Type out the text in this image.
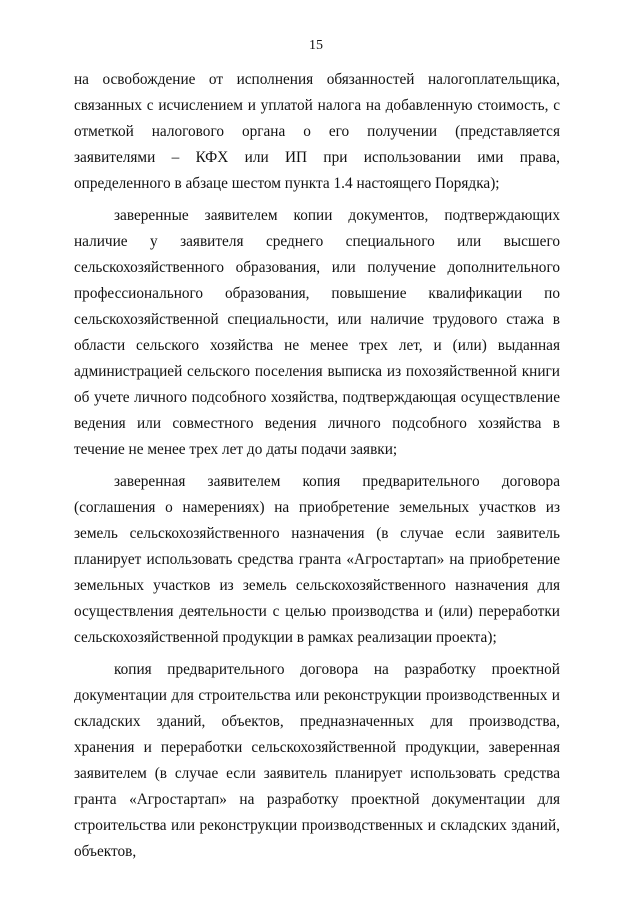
15

на освобождение от исполнения обязанностей налогоплательщика, связанных с исчислением и уплатой налога на добавленную стоимость, с отметкой налогового органа о его получении (представляется заявителями – КФХ или ИП при использовании ими права, определенного в абзаце шестом пункта 1.4 настоящего Порядка);

заверенные заявителем копии документов, подтверждающих наличие у заявителя среднего специального или высшего сельскохозяйственного образования, или получение дополнительного профессионального образования, повышение квалификации по сельскохозяйственной специальности, или наличие трудового стажа в области сельского хозяйства не менее трех лет, и (или) выданная администрацией сельского поселения выписка из похозяйственной книги об учете личного подсобного хозяйства, подтверждающая осуществление ведения или совместного ведения личного подсобного хозяйства в течение не менее трех лет до даты подачи заявки;

заверенная заявителем копия предварительного договора (соглашения о намерениях) на приобретение земельных участков из земель сельскохозяйственного назначения (в случае если заявитель планирует использовать средства гранта «Агростартап» на приобретение земельных участков из земель сельскохозяйственного назначения для осуществления деятельности с целью производства и (или) переработки сельскохозяйственной продукции в рамках реализации проекта);

копия предварительного договора на разработку проектной документации для строительства или реконструкции производственных и складских зданий, объектов, предназначенных для производства, хранения и переработки сельскохозяйственной продукции, заверенная заявителем (в случае если заявитель планирует использовать средства гранта «Агростартап» на разработку проектной документации для строительства или реконструкции производственных и складских зданий, объектов,
